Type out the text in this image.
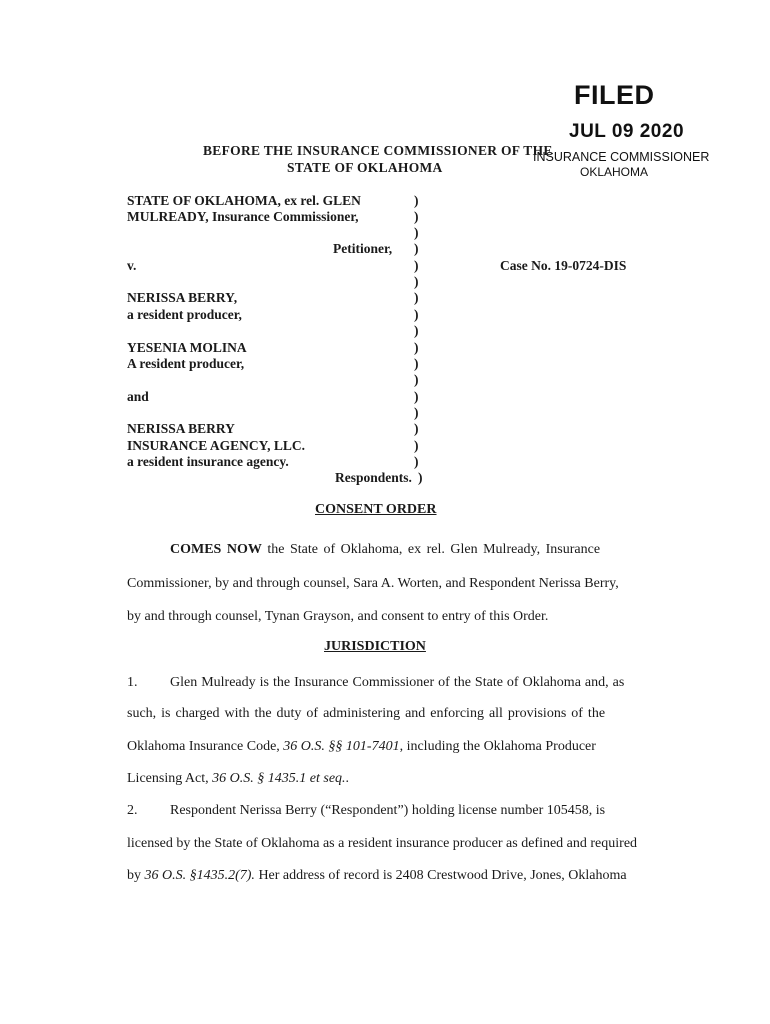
FILED
JUL 09 2020
INSURANCE COMMISSIONER
OKLAHOMA
BEFORE THE INSURANCE COMMISSIONER OF THE
STATE OF OKLAHOMA
STATE OF OKLAHOMA, ex rel. GLEN
MULREADY, Insurance Commissioner,
Petitioner,
v.	Case No. 19-0724-DIS
NERISSA BERRY,
a resident producer,
YESENIA MOLINA
A resident producer,
and
NERISSA BERRY
INSURANCE AGENCY, LLC.
a resident insurance agency.
Respondents.
)
)
)
)
)
)
)
)
)
)
)
)
)
)
)
)
)
)
CONSENT ORDER
COMES NOW the State of Oklahoma, ex rel. Glen Mulready, Insurance
Commissioner, by and through counsel, Sara A. Worten, and Respondent Nerissa Berry,
by and through counsel, Tynan Grayson, and consent to entry of this Order.
JURISDICTION
1. Glen Mulready is the Insurance Commissioner of the State of Oklahoma and, as
such, is charged with the duty of administering and enforcing all provisions of the
Oklahoma Insurance Code, 36 O.S. §§ 101-7401, including the Oklahoma Producer
Licensing Act, 36 O.S. § 1435.1 et seq..
2. Respondent Nerissa Berry (“Respondent”) holding license number 105458, is
licensed by the State of Oklahoma as a resident insurance producer as defined and required
by 36 O.S. §1435.2(7). Her address of record is 2408 Crestwood Drive, Jones, Oklahoma
